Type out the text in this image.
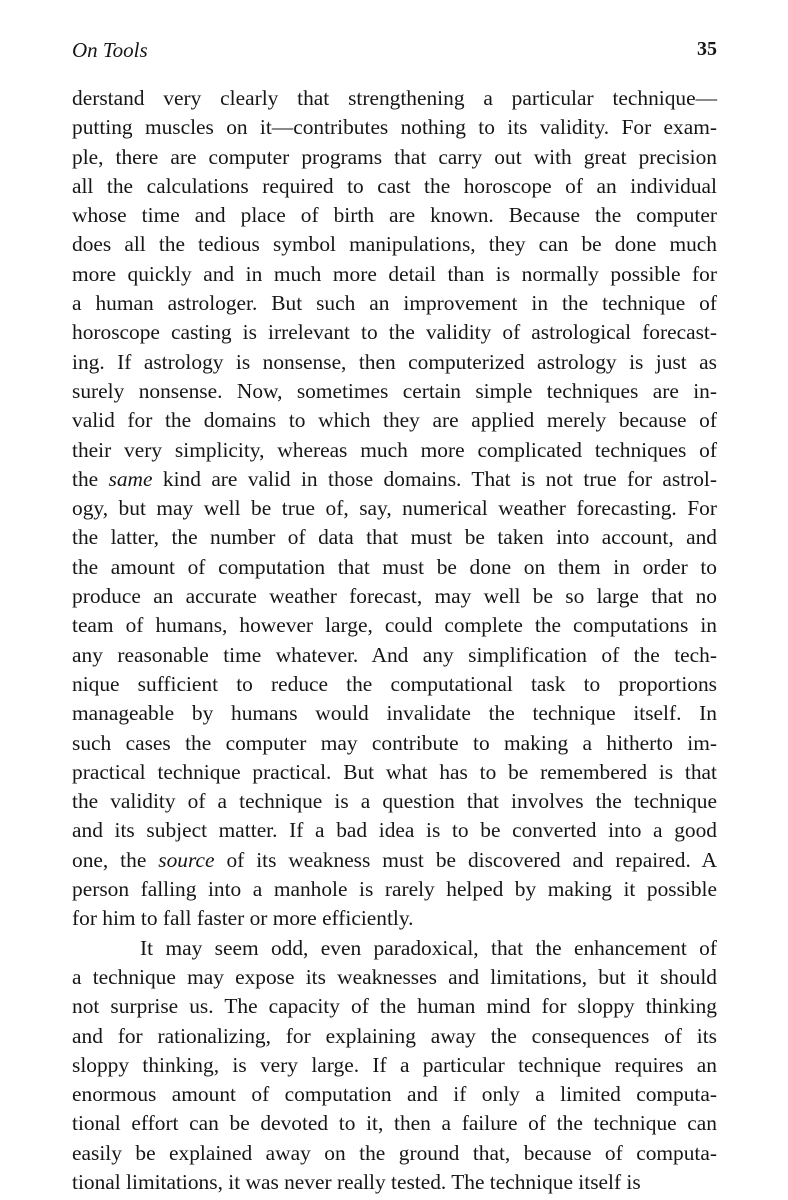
On Tools	35
derstand very clearly that strengthening a particular technique—
putting muscles on it—contributes nothing to its validity. For exam-
ple, there are computer programs that carry out with great precision
all the calculations required to cast the horoscope of an individual
whose time and place of birth are known. Because the computer
does all the tedious symbol manipulations, they can be done much
more quickly and in much more detail than is normally possible for
a human astrologer. But such an improvement in the technique of
horoscope casting is irrelevant to the validity of astrological forecast-
ing. If astrology is nonsense, then computerized astrology is just as
surely nonsense. Now, sometimes certain simple techniques are in-
valid for the domains to which they are applied merely because of
their very simplicity, whereas much more complicated techniques of
the same kind are valid in those domains. That is not true for astrol-
ogy, but may well be true of, say, numerical weather forecasting. For
the latter, the number of data that must be taken into account, and
the amount of computation that must be done on them in order to
produce an accurate weather forecast, may well be so large that no
team of humans, however large, could complete the computations in
any reasonable time whatever. And any simplification of the tech-
nique sufficient to reduce the computational task to proportions
manageable by humans would invalidate the technique itself. In
such cases the computer may contribute to making a hitherto im-
practical technique practical. But what has to be remembered is that
the validity of a technique is a question that involves the technique
and its subject matter. If a bad idea is to be converted into a good
one, the source of its weakness must be discovered and repaired. A
person falling into a manhole is rarely helped by making it possible
for him to fall faster or more efficiently.
It may seem odd, even paradoxical, that the enhancement of
a technique may expose its weaknesses and limitations, but it should
not surprise us. The capacity of the human mind for sloppy thinking
and for rationalizing, for explaining away the consequences of its
sloppy thinking, is very large. If a particular technique requires an
enormous amount of computation and if only a limited computa-
tional effort can be devoted to it, then a failure of the technique can
easily be explained away on the ground that, because of computa-
tional limitations, it was never really tested. The technique itself is
